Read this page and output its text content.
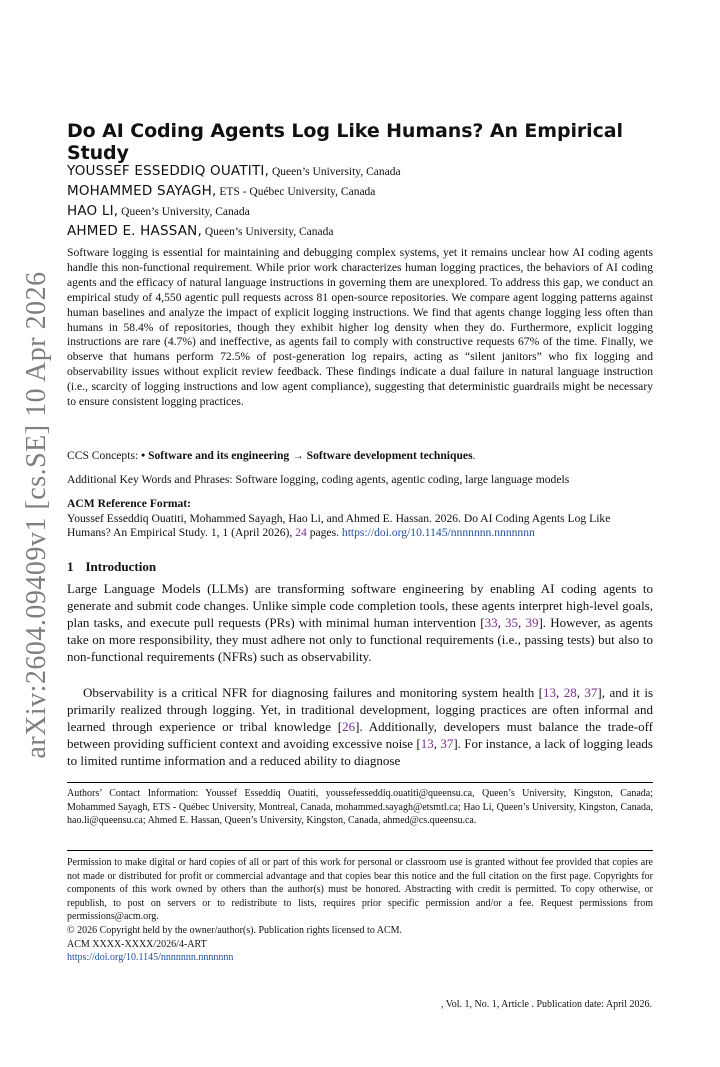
arXiv:2604.09409v1 [cs.SE] 10 Apr 2026
Do AI Coding Agents Log Like Humans? An Empirical Study
YOUSSEF ESSEDDIQ OUATITI, Queen’s University, Canada
MOHAMMED SAYAGH, ETS - Québec University, Canada
HAO LI, Queen’s University, Canada
AHMED E. HASSAN, Queen’s University, Canada

Software logging is essential for maintaining and debugging complex systems, yet it remains unclear how AI coding agents handle this non-functional requirement. While prior work characterizes human logging practices, the behaviors of AI coding agents and the efficacy of natural language instructions in governing them are unexplored. To address this gap, we conduct an empirical study of 4,550 agentic pull requests across 81 open-source repositories. We compare agent logging patterns against human baselines and analyze the impact of explicit logging instructions. We find that agents change logging less often than humans in 58.4% of repositories, though they exhibit higher log density when they do. Furthermore, explicit logging instructions are rare (4.7%) and ineffective, as agents fail to comply with constructive requests 67% of the time. Finally, we observe that humans perform 72.5% of post-generation log repairs, acting as “silent janitors” who fix logging and observability issues without explicit review feedback. These findings indicate a dual failure in natural language instruction (i.e., scarcity of logging instructions and low agent compliance), suggesting that deterministic guardrails might be necessary to ensure consistent logging practices.

CCS Concepts: • Software and its engineering → Software development techniques.

Additional Key Words and Phrases: Software logging, coding agents, agentic coding, large language models

ACM Reference Format:
Youssef Esseddiq Ouatiti, Mohammed Sayagh, Hao Li, and Ahmed E. Hassan. 2026. Do AI Coding Agents Log Like Humans? An Empirical Study. 1, 1 (April 2026), 24 pages. https://doi.org/10.1145/nnnnnnn.nnnnnnn

1 Introduction

Large Language Models (LLMs) are transforming software engineering by enabling AI coding agents to generate and submit code changes. Unlike simple code completion tools, these agents interpret high-level goals, plan tasks, and execute pull requests (PRs) with minimal human intervention [33, 35, 39]. However, as agents take on more responsibility, they must adhere not only to functional requirements (i.e., passing tests) but also to non-functional requirements (NFRs) such as observability.

Observability is a critical NFR for diagnosing failures and monitoring system health [13, 28, 37], and it is primarily realized through logging. Yet, in traditional development, logging practices are often informal and learned through experience or tribal knowledge [26]. Additionally, developers must balance the trade-off between providing sufficient context and avoiding excessive noise [13, 37]. For instance, a lack of logging leads to limited runtime information and a reduced ability to diagnose

Authors’ Contact Information: Youssef Esseddiq Ouatiti, youssefesseddiq.ouatiti@queensu.ca, Queen’s University, Kingston, Canada; Mohammed Sayagh, ETS - Québec University, Montreal, Canada, mohammed.sayagh@etsmtl.ca; Hao Li, Queen’s University, Kingston, Canada, hao.li@queensu.ca; Ahmed E. Hassan, Queen’s University, Kingston, Canada, ahmed@cs.queensu.ca.

Permission to make digital or hard copies of all or part of this work for personal or classroom use is granted without fee provided that copies are not made or distributed for profit or commercial advantage and that copies bear this notice and the full citation on the first page. Copyrights for components of this work owned by others than the author(s) must be honored. Abstracting with credit is permitted. To copy otherwise, or republish, to post on servers or to redistribute to lists, requires prior specific permission and/or a fee. Request permissions from permissions@acm.org.
© 2026 Copyright held by the owner/author(s). Publication rights licensed to ACM.
ACM XXXX-XXXX/2026/4-ART
https://doi.org/10.1145/nnnnnnn.nnnnnnn

, Vol. 1, No. 1, Article . Publication date: April 2026.
